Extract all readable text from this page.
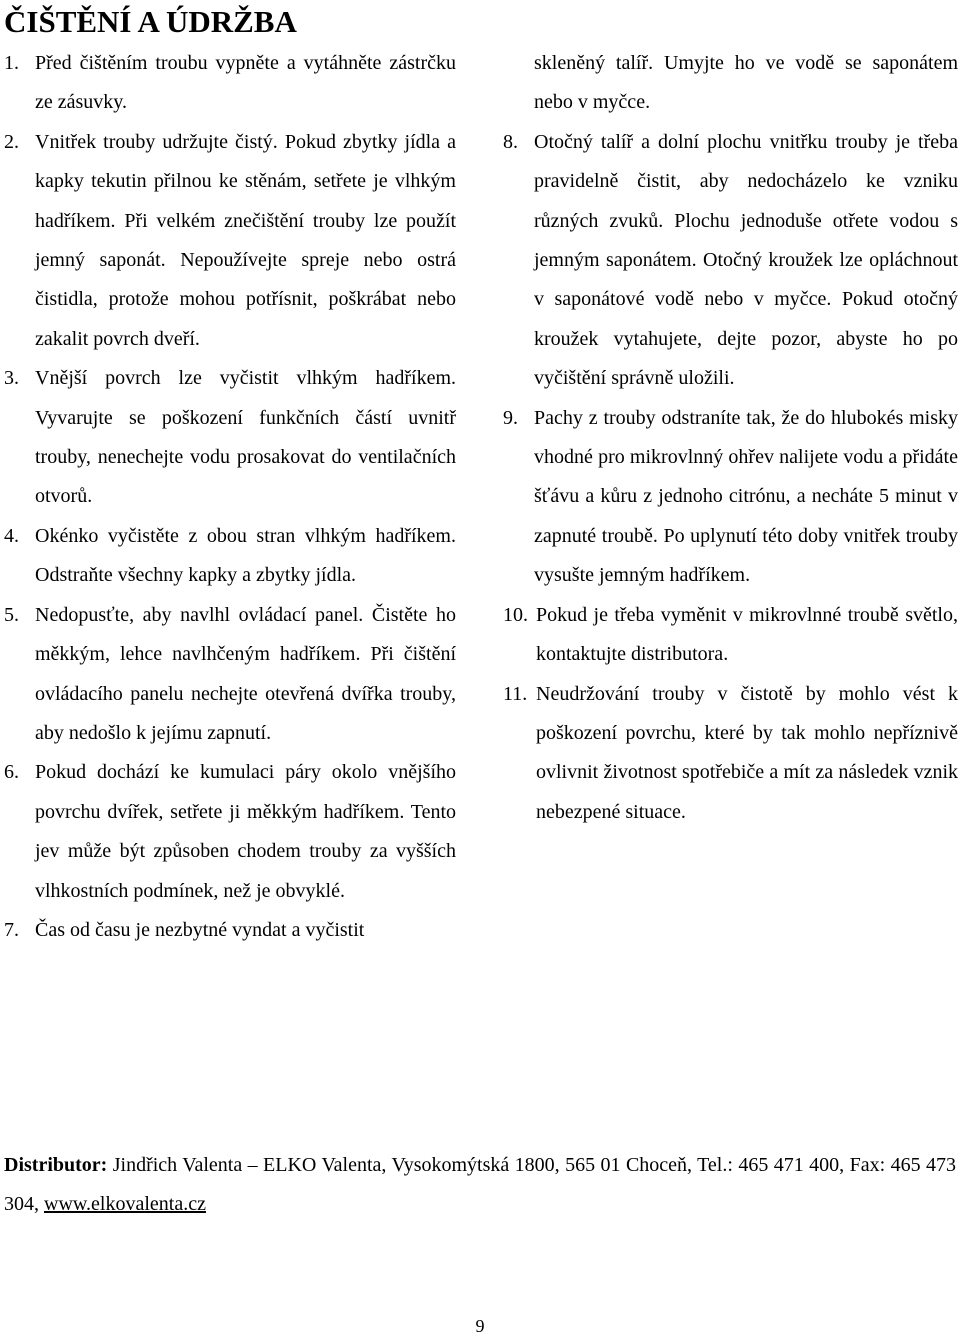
ČIŠTĚNÍ A ÚDRŽBA
1. Před čištěním troubu vypněte a vytáhněte zástrčku ze zásuvky.
2. Vnitřek trouby udržujte čistý. Pokud zbytky jídla a kapky tekutin přilnou ke stěnám, setřete je vlhkým hadříkem. Při velkém znečištění trouby lze použít jemný saponát. Nepoužívejte spreje nebo ostrá čistidla, protože mohou potřísnit, poškrábat nebo zakalit povrch dveří.
3. Vnější povrch lze vyčistit vlhkým hadříkem. Vyvarujte se poškození funkčních částí uvnitř trouby, nenechejte vodu prosakovat do ventilačních otvorů.
4. Okénko vyčistěte z obou stran vlhkým hadříkem. Odstraňte všechny kapky a zbytky jídla.
5. Nedopusťte, aby navlhl ovládací panel. Čistěte ho měkkým, lehce navlhčeným hadříkem. Při čištění ovládacího panelu nechejte otevřená dvířka trouby, aby nedošlo k jejímu zapnutí.
6. Pokud dochází ke kumulaci páry okolo vnějšího povrchu dvířek, setřete ji měkkým hadříkem. Tento jev může být způsoben chodem trouby za vyšších vlhkostních podmínek, než je obvyklé.
7. Čas od času je nezbytné vyndat a vyčistit

skleněný talíř. Umyjte ho ve vodě se saponátem nebo v myčce.

8. Otočný talíř a dolní plochu vnitřku trouby je třeba pravidelně čistit, aby nedocházelo ke vzniku různých zvuků. Plochu jednoduše otřete vodou s jemným saponátem. Otočný kroužek lze opláchnout v saponátové vodě nebo v myčce. Pokud otočný kroužek vytahujete, dejte pozor, abyste ho po vyčištění správně uložili.
9. Pachy z trouby odstraníte tak, že do hlubokés misky vhodné pro mikrovlnný ohřev nalijete vodu a přidáte šťávu a kůru z jednoho citrónu, a necháte 5 minut v zapnuté troubě. Po uplynutí této doby vnitřek trouby vysušte jemným hadříkem.
10. Pokud je třeba vyměnit v mikrovlnné troubě světlo, kontaktujte distributora.
11. Neudržování trouby v čistotě by mohlo vést k poškození povrchu, které by tak mohlo nepříznivě ovlivnit životnost spotřebiče a mít za následek vznik nebezpené situace.
Distributor: Jindřich Valenta – ELKO Valenta, Vysokomýtská 1800, 565 01 Choceň, Tel.: 465 471 400, Fax: 465 473 304, www.elkovalenta.cz
9
